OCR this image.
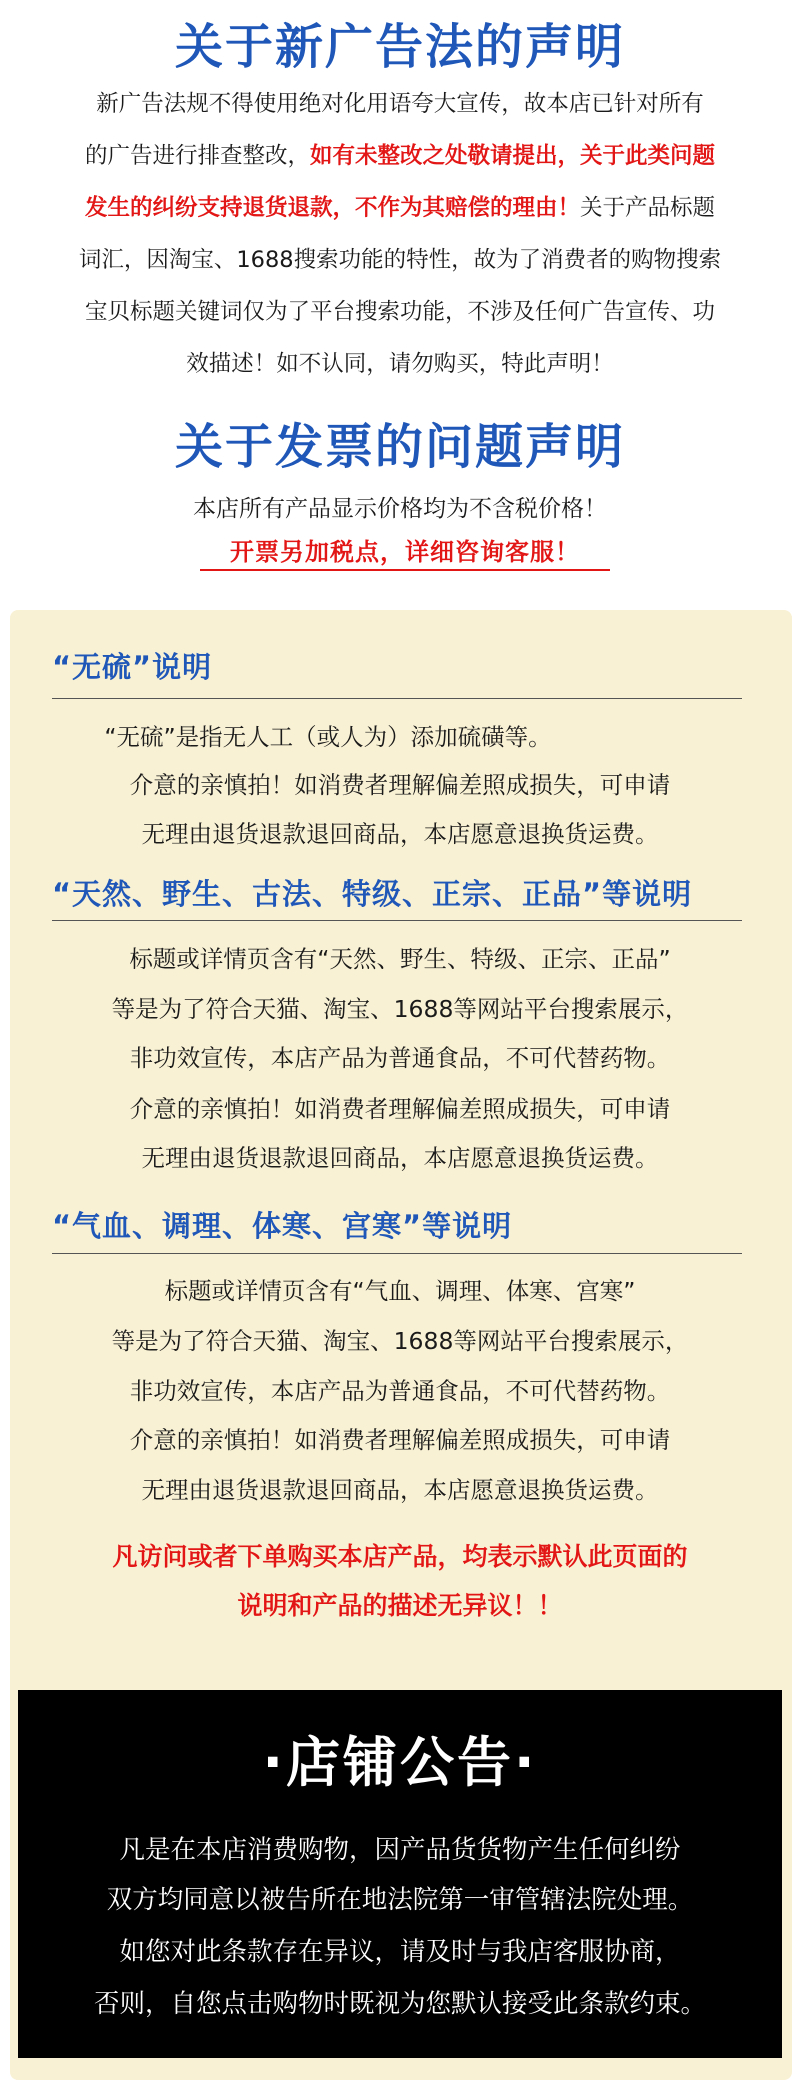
关于新广告法的声明
新广告法规不得使用绝对化用语夸大宣传，故本店已针对所有
的广告进行排查整改，如有未整改之处敬请提出，关于此类问题
发生的纠纷支持退货退款，不作为其赔偿的理由！关于产品标题
词汇，因淘宝、1688搜索功能的特性，故为了消费者的购物搜索
宝贝标题关键词仅为了平台搜索功能，不涉及任何广告宣传、功
效描述！如不认同，请勿购买，特此声明！
关于发票的问题声明
本店所有产品显示价格均为不含税价格！
开票另加税点，详细咨询客服！
“无硫”说明
“无硫”是指无人工（或人为）添加硫磺等。
介意的亲慎拍！如消费者理解偏差照成损失，可申请
无理由退货退款退回商品，本店愿意退换货运费。
“天然、野生、古法、特级、正宗、正品”等说明
标题或详情页含有“天然、野生、特级、正宗、正品”
等是为了符合天猫、淘宝、1688等网站平台搜索展示，
非功效宣传，本店产品为普通食品，不可代替药物。
介意的亲慎拍！如消费者理解偏差照成损失，可申请
无理由退货退款退回商品，本店愿意退换货运费。
“气血、调理、体寒、宫寒”等说明
标题或详情页含有“气血、调理、体寒、宫寒”
等是为了符合天猫、淘宝、1688等网站平台搜索展示，
非功效宣传，本店产品为普通食品，不可代替药物。
介意的亲慎拍！如消费者理解偏差照成损失，可申请
无理由退货退款退回商品，本店愿意退换货运费。
凡访问或者下单购买本店产品，均表示默认此页面的
说明和产品的描述无异议！！
·店铺公告·
凡是在本店消费购物，因产品货货物产生任何纠纷
双方均同意以被告所在地法院第一审管辖法院处理。
如您对此条款存在异议，请及时与我店客服协商，
否则，自您点击购物时既视为您默认接受此条款约束。
